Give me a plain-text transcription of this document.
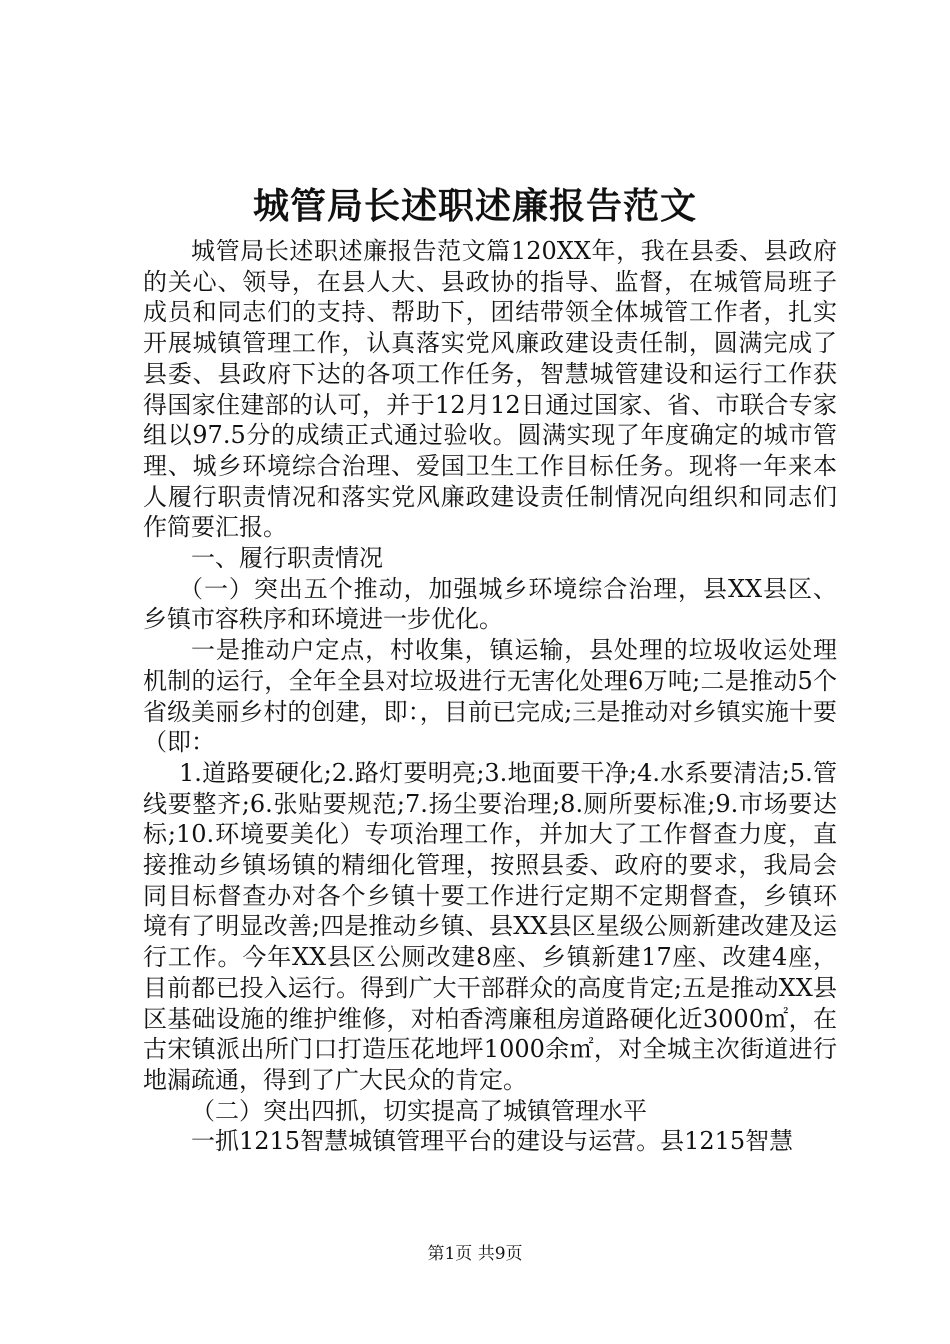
城管局长述职述廉报告范文

城管局长述职述廉报告范文篇120XX年，我在县委、县政府的关心、领导，在县人大、县政协的指导、监督，在城管局班子成员和同志们的支持、帮助下，团结带领全体城管工作者，扎实开展城镇管理工作，认真落实党风廉政建设责任制，圆满完成了县委、县政府下达的各项工作任务，智慧城管建设和运行工作获得国家住建部的认可，并于12月12日通过国家、省、市联合专家组以97.5分的成绩正式通过验收。圆满实现了年度确定的城市管理、城乡环境综合治理、爱国卫生工作目标任务。现将一年来本人履行职责情况和落实党风廉政建设责任制情况向组织和同志们作简要汇报。

一、履行职责情况

（一）突出五个推动，加强城乡环境综合治理，县XX县区、乡镇市容秩序和环境进一步优化。

一是推动户定点，村收集，镇运输，县处理的垃圾收运处理机制的运行，全年全县对垃圾进行无害化处理6万吨;二是推动5个省级美丽乡村的创建，即：，目前已完成;三是推动对乡镇实施十要（即：

1.道路要硬化;2.路灯要明亮;3.地面要干净;4.水系要清洁;5.管线要整齐;6.张贴要规范;7.扬尘要治理;8.厕所要标准;9.市场要达标;10.环境要美化）专项治理工作，并加大了工作督查力度，直接推动乡镇场镇的精细化管理，按照县委、政府的要求，我局会同目标督查办对各个乡镇十要工作进行定期不定期督查，乡镇环境有了明显改善;四是推动乡镇、县XX县区星级公厕新建改建及运行工作。今年XX县区公厕改建8座、乡镇新建17座、改建4座，目前都已投入运行。得到广大干部群众的高度肯定;五是推动XX县区基础设施的维护维修，对柏香湾廉租房道路硬化近3000㎡，在古宋镇派出所门口打造压花地坪1000余㎡，对全城主次街道进行地漏疏通，得到了广大民众的肯定。

（二）突出四抓，切实提高了城镇管理水平

一抓1215智慧城镇管理平台的建设与运营。县1215智慧

第1页 共9页
